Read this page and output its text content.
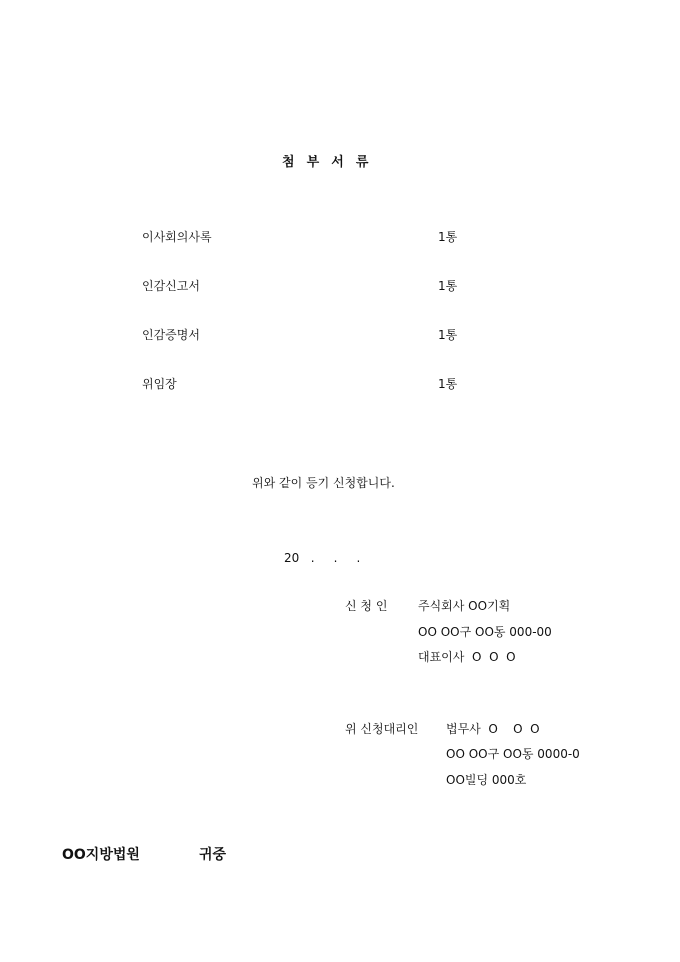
첨  부  서  류
이사회의사록	1통
인감신고서	1통
인감증명서	1통
위임장	1통
위와 같이 등기 신청합니다.
20   .     .     .
신 청 인	주식회사 OO기획
OO OO구 OO동 000-00
대표이사  O  O  O
위 신청대리인 법무사  O    O  O
OO OO구 OO동 0000-0
OO빌딩 000호
OO지방법원	귀중
